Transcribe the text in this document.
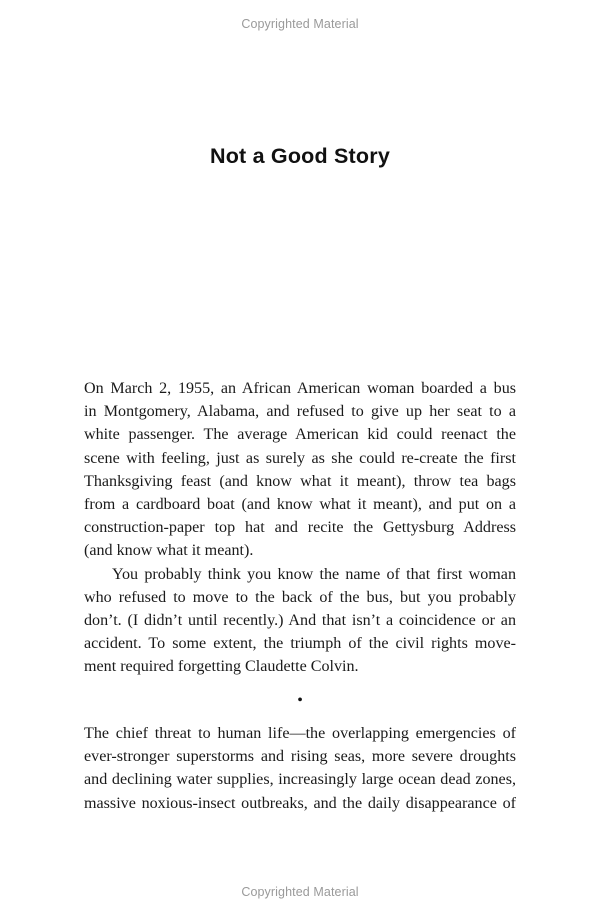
Copyrighted Material
Not a Good Story
On March 2, 1955, an African American woman boarded a bus
in Montgomery, Alabama, and refused to give up her seat to a
white passenger. The average American kid could reenact the
scene with feeling, just as surely as she could re-create the first
Thanksgiving feast (and know what it meant), throw tea bags
from a cardboard boat (and know what it meant), and put on a
construction-paper top hat and recite the Gettysburg Address
(and know what it meant).
You probably think you know the name of that first woman
who refused to move to the back of the bus, but you probably
don’t. (I didn’t until recently.) And that isn’t a coincidence or an
accident. To some extent, the triumph of the civil rights move-
ment required forgetting Claudette Colvin.
•
The chief threat to human life—the overlapping emergencies of
ever-stronger superstorms and rising seas, more severe droughts
and declining water supplies, increasingly large ocean dead zones,
massive noxious-insect outbreaks, and the daily disappearance of
Copyrighted Material
